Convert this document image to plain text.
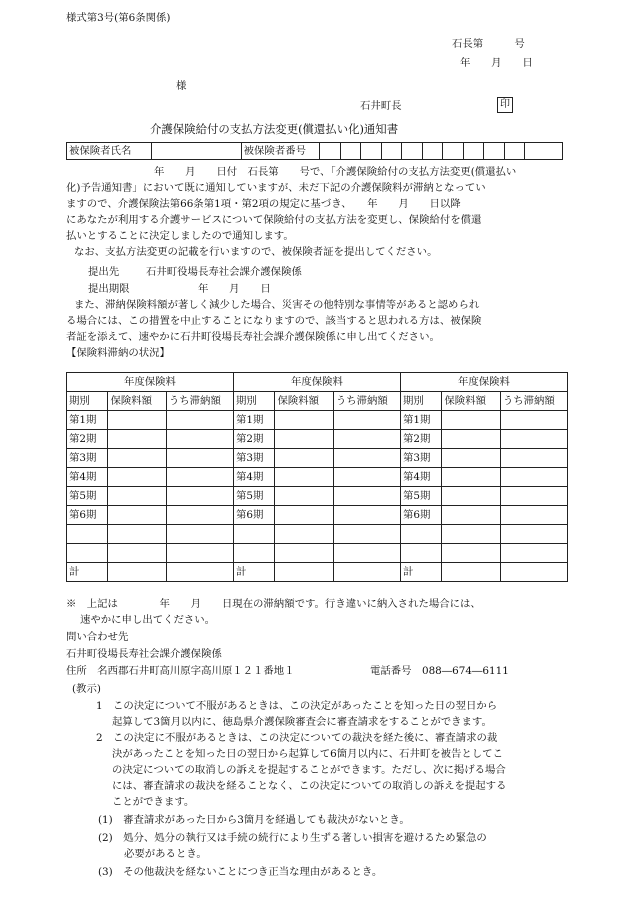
様式第3号(第6条関係)
石長第　　　号
年　　月　　日
様
石井町長	印
介護保険給付の支払方法変更(償還払い化)通知書
被保険者氏名		被保険者番号											
年　　月　　日付　石長第　　号で、「介護保険給付の支払方法変更(償還払い
化)予告通知書」において既に通知していますが、未だ下記の介護保険料が滞納となってい
ますので、介護保険法第66条第1項・第2項の規定に基づき、　　年　　月　　日以降
にあなたが利用する介護サービスについて保険給付の支払方法を変更し、保険給付を償還
払いとすることに決定しましたので通知します。
なお、支払方法変更の記載を行いますので、被保険者証を提出してください。
提出先	石井町役場長寿社会課介護保険係
提出期限	年　　月　　日
また、滞納保険料額が著しく減少した場合、災害その他特別な事情等があると認められ
る場合には、この措置を中止することになりますので、該当すると思われる方は、被保険
者証を添えて、速やかに石井町役場長寿社会課介護保険係に申し出てください。
【保険料滞納の状況】
年度保険料			年度保険料			年度保険料		
期別	保険料額	うち滞納額	期別	保険料額	うち滞納額	期別	保険料額	うち滞納額
第1期			第1期			第1期		
第2期			第2期			第2期		
第3期			第3期			第3期		
第4期			第4期			第4期		
第5期			第5期			第5期		
第6期			第6期			第6期		

計			計			計		
※　上記は　　　　年　　月　　日現在の滞納額です。行き違いに納入された場合には、
速やかに申し出てください。
問い合わせ先
石井町役場長寿社会課介護保険係
住所　名西郡石井町高川原字高川原１２１番地１	電話番号　088―674―6111
(教示)
1　この決定について不服があるときは、この決定があったことを知った日の翌日から
起算して3箇月以内に、徳島県介護保険審査会に審査請求をすることができます。
2　この決定に不服があるときは、この決定についての裁決を経た後に、審査請求の裁
決があったことを知った日の翌日から起算して6箇月以内に、石井町を被告としてこ
の決定についての取消しの訴えを提起することができます。ただし、次に掲げる場合
には、審査請求の裁決を経ることなく、この決定についての取消しの訴えを提起する
ことができます。
(1)　審査請求があった日から3箇月を経過しても裁決がないとき。
(2)　処分、処分の執行又は手続の続行により生ずる著しい損害を避けるため緊急の
必要があるとき。
(3)　その他裁決を経ないことにつき正当な理由があるとき。
